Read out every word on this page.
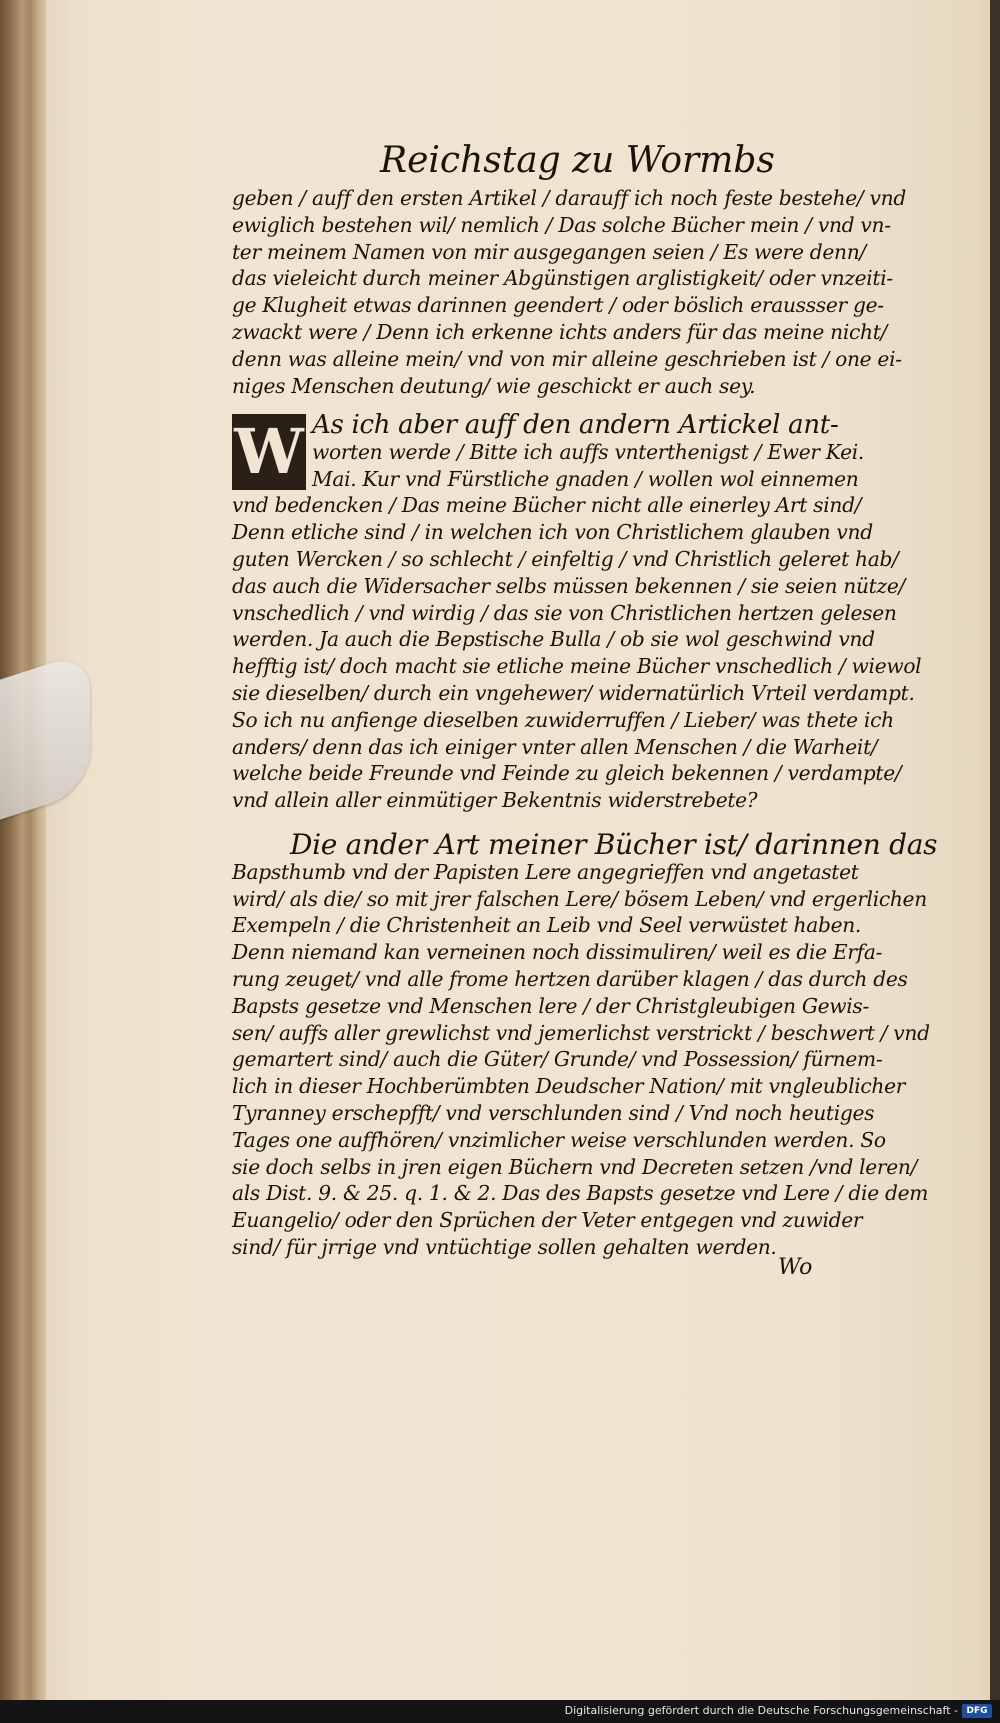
Reichstag zu Wormbs
geben / auff den ersten Artikel / darauff ich noch feste bestehe/ vnd
ewiglich bestehen wil/ nemlich / Das solche Bücher mein / vnd vn-
ter meinem Namen von mir ausgegangen seien / Es were denn/
das vieleicht durch meiner Abgünstigen arglistigkeit/ oder vnzeiti-
ge Klugheit etwas darinnen geendert / oder böslich eraussser ge-
zwackt were / Denn ich erkenne ichts anders für das meine nicht/
denn was alleine mein/ vnd von mir alleine geschrieben ist / one ei-
niges Menschen deutung/ wie geschickt er auch sey.
W As ich aber auff den andern Artickel ant-
worten werde / Bitte ich auffs vnterthenigst / Ewer Kei.
Mai. Kur vnd Fürstliche gnaden / wollen wol einnemen
vnd bedencken / Das meine Bücher nicht alle einerley Art sind/
Denn etliche sind / in welchen ich von Christlichem glauben vnd
guten Wercken / so schlecht / einfeltig / vnd Christlich geleret hab/
das auch die Widersacher selbs müssen bekennen / sie seien nütze/
vnschedlich / vnd wirdig / das sie von Christlichen hertzen gelesen
werden. Ja auch die Bepstische Bulla / ob sie wol geschwind vnd
hefftig ist/ doch macht sie etliche meine Bücher vnschedlich / wiewol
sie dieselben/ durch ein vngehewer/ widernatürlich Vrteil verdampt.
So ich nu anfienge dieselben zuwiderruffen / Lieber/ was thete ich
anders/ denn das ich einiger vnter allen Menschen / die Warheit/
welche beide Freunde vnd Feinde zu gleich bekennen / verdampte/
vnd allein aller einmütiger Bekentnis widerstrebete?
Die ander Art meiner Bücher ist/ darinnen das
Bapsthumb vnd der Papisten Lere angegrieffen vnd angetastet
wird/ als die/ so mit jrer falschen Lere/ bösem Leben/ vnd ergerlichen
Exempeln / die Christenheit an Leib vnd Seel verwüstet haben.
Denn niemand kan verneinen noch dissimuliren/ weil es die Erfa-
rung zeuget/ vnd alle frome hertzen darüber klagen / das durch des
Bapsts gesetze vnd Menschen lere / der Christgleubigen Gewis-
sen/ auffs aller grewlichst vnd jemerlichst verstrickt / beschwert / vnd
gemartert sind/ auch die Güter/ Grunde/ vnd Possession/ fürnem-
lich in dieser Hochberümbten Deudscher Nation/ mit vngleublicher
Tyranney erschepfft/ vnd verschlunden sind / Vnd noch heutiges
Tages one auffhören/ vnzimlicher weise verschlunden werden. So
sie doch selbs in jren eigen Büchern vnd Decreten setzen /vnd leren/
als Dist. 9. & 25. q. 1. & 2. Das des Bapsts gesetze vnd Lere / die dem
Euangelio/ oder den Sprüchen der Veter entgegen vnd zuwider
sind/ für jrrige vnd vntüchtige sollen gehalten werden.
Wo
Digitalisierung gefördert durch die Deutsche Forschungsgemeinschaft - DFG
